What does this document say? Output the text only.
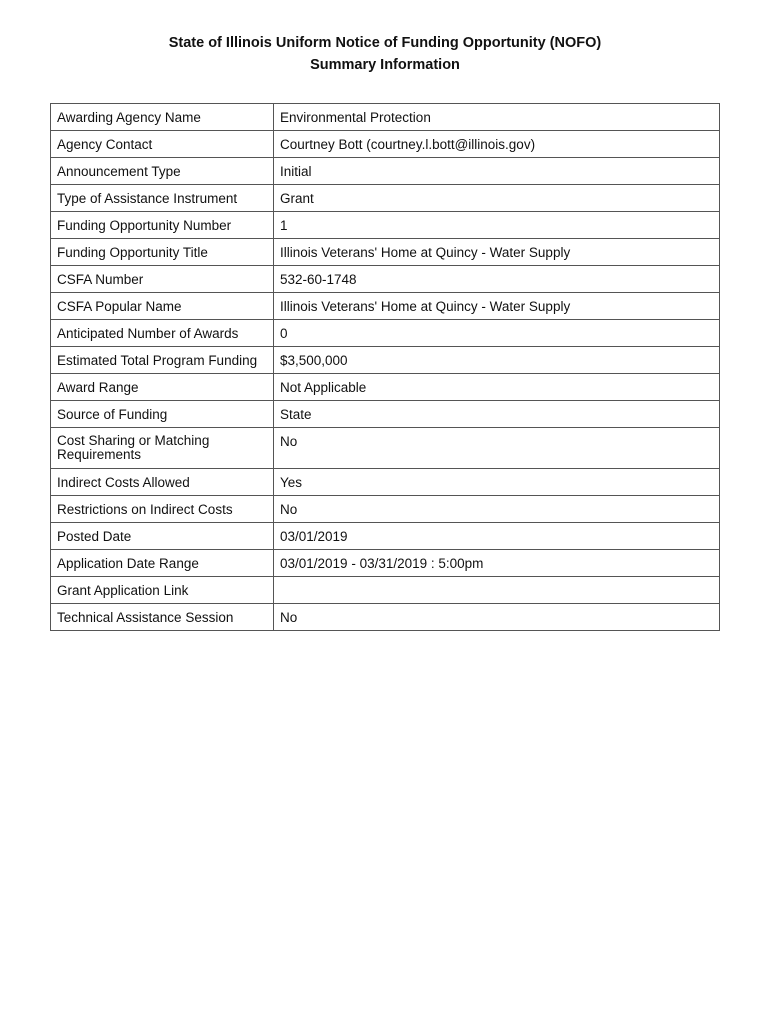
State of Illinois Uniform Notice of Funding Opportunity (NOFO)
Summary Information
Awarding Agency Name	Environmental Protection
Agency Contact	Courtney Bott (courtney.l.bott@illinois.gov)
Announcement Type	Initial
Type of Assistance Instrument	Grant
Funding Opportunity Number	1
Funding Opportunity Title	Illinois Veterans' Home at Quincy - Water Supply
CSFA Number	532-60-1748
CSFA Popular Name	Illinois Veterans' Home at Quincy - Water Supply
Anticipated Number of Awards	0
Estimated Total Program Funding	$3,500,000
Award Range	Not Applicable
Source of Funding	State
Cost Sharing or Matching Requirements	No
Indirect Costs Allowed	Yes
Restrictions on Indirect Costs	No
Posted Date	03/01/2019
Application Date Range	03/01/2019 - 03/31/2019 : 5:00pm
Grant Application Link	
Technical Assistance Session	No
